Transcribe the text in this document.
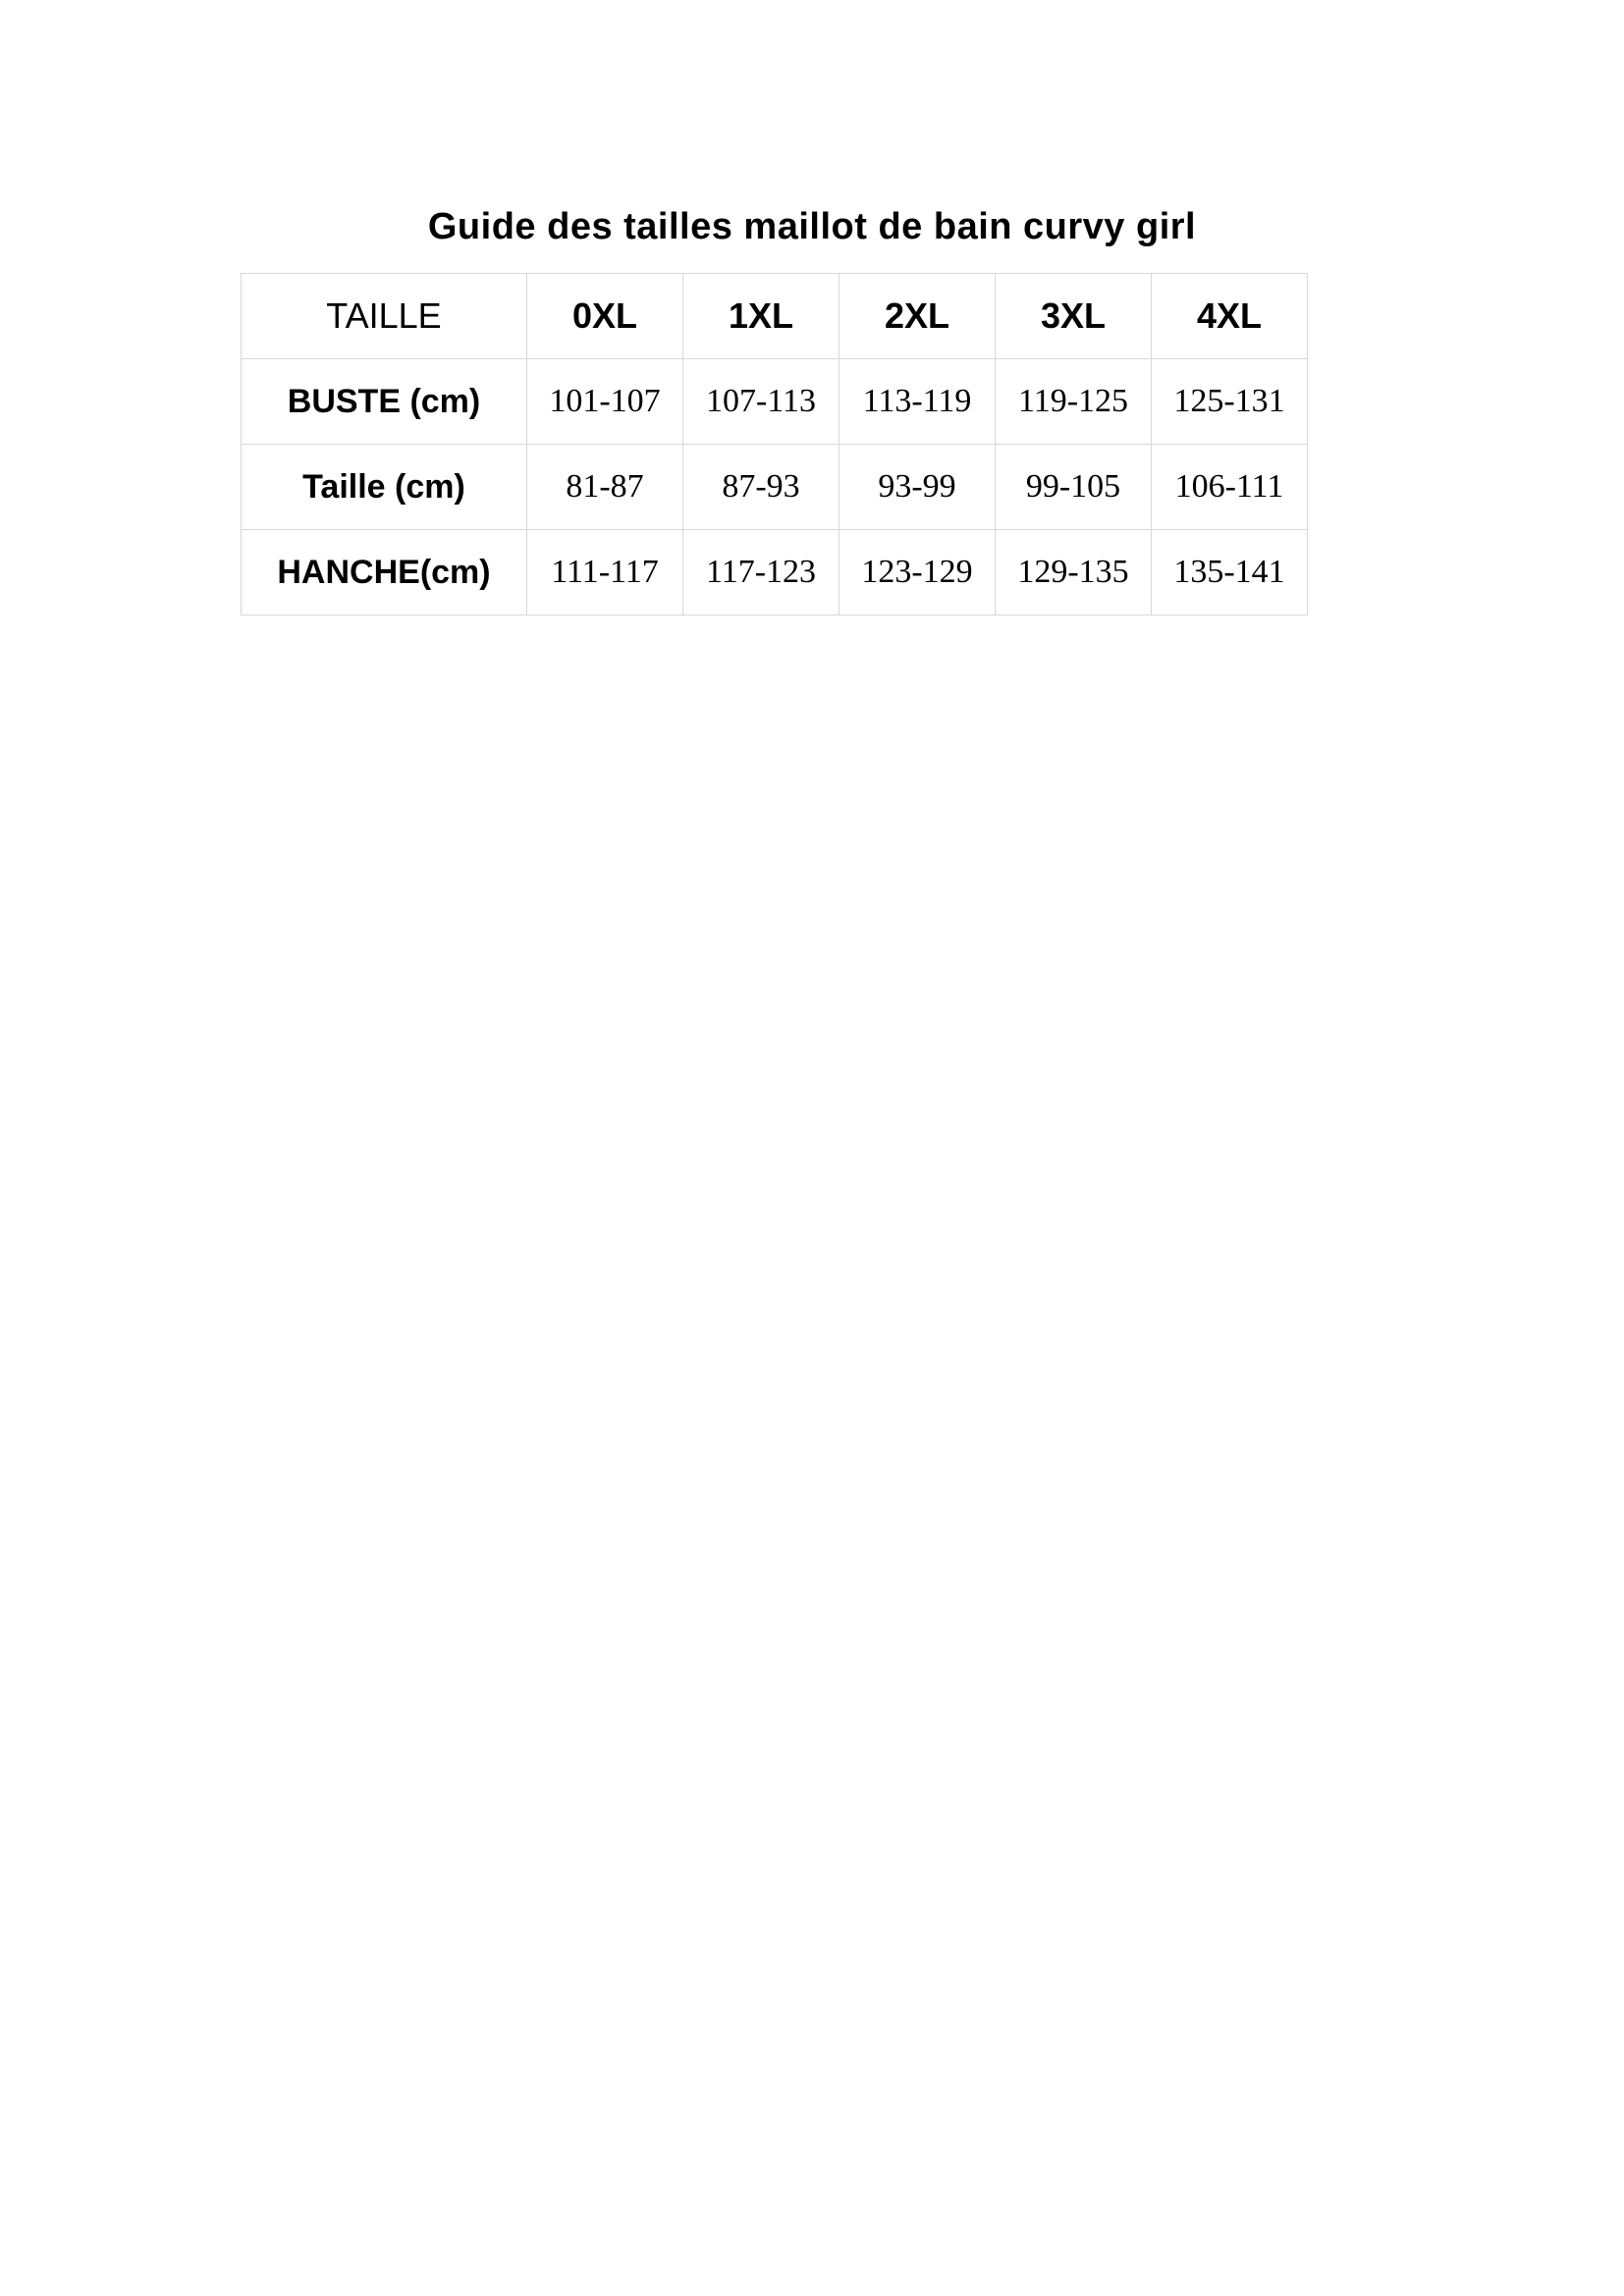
Guide des tailles maillot de bain curvy girl
TAILLE	0XL	1XL	2XL	3XL	4XL
BUSTE (cm)	101-107	107-113	113-119	119-125	125-131
Taille (cm)	81-87	87-93	93-99	99-105	106-111
HANCHE(cm)	111-117	117-123	123-129	129-135	135-141
